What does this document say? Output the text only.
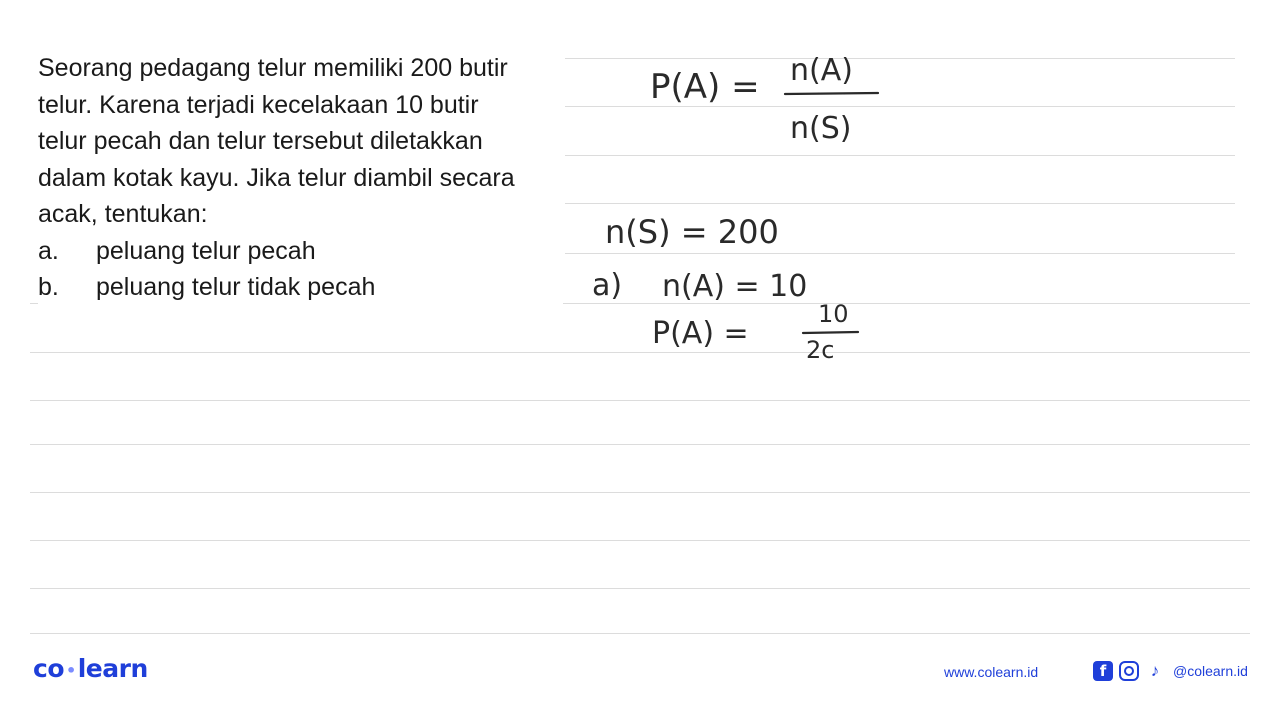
Seorang pedagang telur memiliki 200 butir

telur. Karena terjadi kecelakaan 10 butir

telur pecah dan telur tersebut diletakkan

dalam kotak kayu. Jika telur diambil secara

acak, tentukan:

a.	peluang telur pecah
b.	peluang telur tidak pecah
P(A) = n(A)
n(S)
n(S) = 200
a) n(A) = 10
P(A) =
10
2c
co •learn	www.colearn.id	f	♪ @colearn.id
